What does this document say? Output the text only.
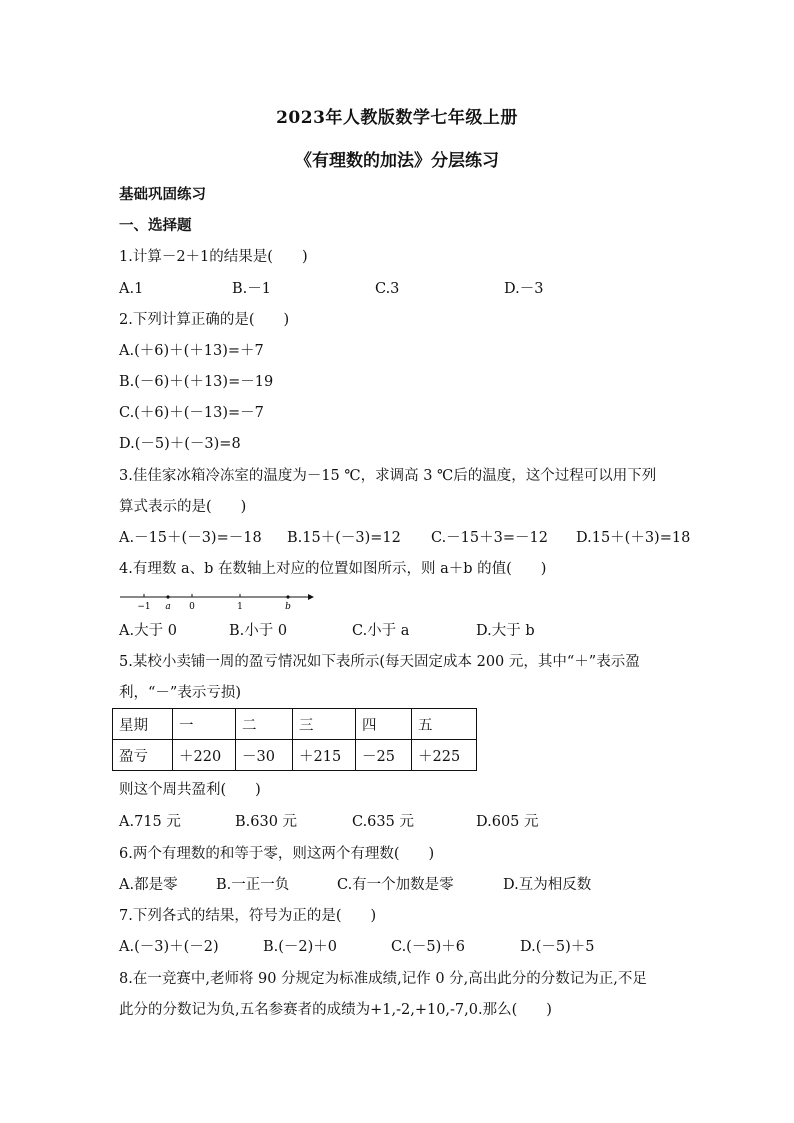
2023年人教版数学七年级上册
《有理数的加法》分层练习
基础巩固练习
一、选择题
1.计算－2＋1的结果是(　　)
A.1	B.－1	C.3	D.－3
2.下列计算正确的是(　　)
A.(＋6)＋(＋13)=＋7
B.(－6)＋(＋13)=－19
C.(＋6)＋(－13)=－7
D.(－5)＋(－3)=8
3.佳佳家冰箱冷冻室的温度为－15 ℃，求调高 3 ℃后的温度，这个过程可以用下列
算式表示的是(　　)
A.－15＋(－3)=－18 B.15＋(－3)=12 C.－15＋3=－12 D.15＋(＋3)=18
4.有理数 a、b 在数轴上对应的位置如图所示，则 a＋b 的值(　　)
−1 a 0	1	b
A.大于 0	B.小于 0	C.小于 a	D.大于 b
5.某校小卖铺一周的盈亏情况如下表所示(每天固定成本 200 元，其中“＋”表示盈
利，“－”表示亏损)
星期	一	二	三	四	五
盈亏	＋220	－30	＋215	－25	＋225
则这个周共盈利(　　)
A.715 元	B.630 元	C.635 元	D.605 元
6.两个有理数的和等于零，则这两个有理数(　　)
A.都是零	B.一正一负	C.有一个加数是零	D.互为相反数
7.下列各式的结果，符号为正的是(　　)
A.(－3)＋(－2)	B.(－2)＋0	C.(－5)＋6	D.(－5)＋5
8.在一竞赛中,老师将 90 分规定为标准成绩,记作 0 分,高出此分的分数记为正,不足
此分的分数记为负,五名参赛者的成绩为+1,-2,+10,-7,0.那么(　　)
